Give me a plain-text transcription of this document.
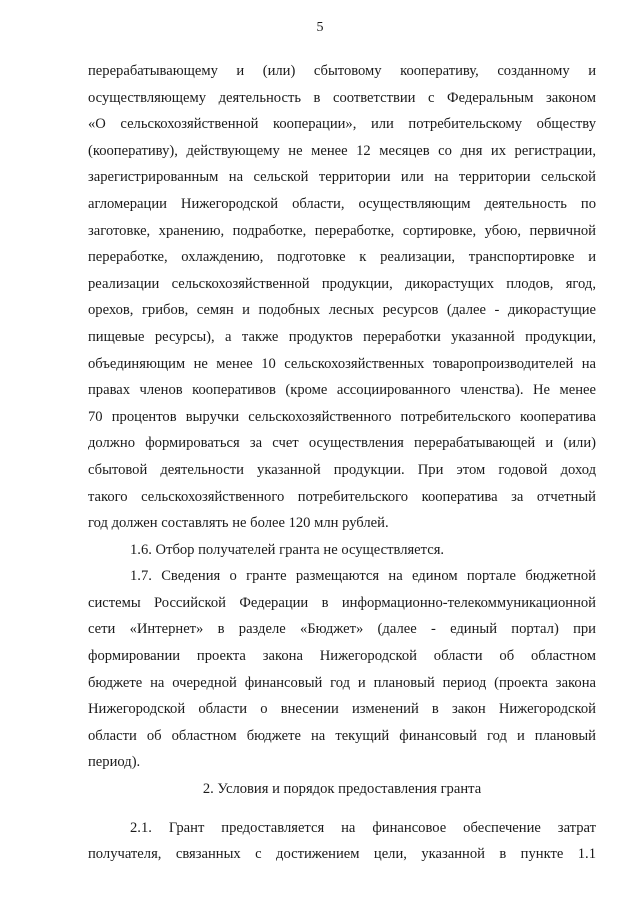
5
перерабатывающему и (или) сбытовому кооперативу, созданному и
осуществляющему деятельность в соответствии с Федеральным законом
«О сельскохозяйственной кооперации», или потребительскому обществу
(кооперативу), действующему не менее 12 месяцев со дня их регистрации,
зарегистрированным на сельской территории или на территории сельской
агломерации Нижегородской области, осуществляющим деятельность по
заготовке, хранению, подработке, переработке, сортировке, убою, первичной
переработке, охлаждению, подготовке к реализации, транспортировке и
реализации сельскохозяйственной продукции, дикорастущих плодов, ягод,
орехов, грибов, семян и подобных лесных ресурсов (далее - дикорастущие
пищевые ресурсы), а также продуктов переработки указанной продукции,
объединяющим не менее 10 сельскохозяйственных товаропроизводителей на
правах членов кооперативов (кроме ассоциированного членства). Не менее
70 процентов выручки сельскохозяйственного потребительского кооператива
должно формироваться за счет осуществления перерабатывающей и (или)
сбытовой деятельности указанной продукции. При этом годовой доход
такого сельскохозяйственного потребительского кооператива за отчетный
год должен составлять не более 120 млн рублей.
1.6. Отбор получателей гранта не осуществляется.
1.7. Сведения о гранте размещаются на едином портале бюджетной
системы Российской Федерации в информационно-телекоммуникационной
сети «Интернет» в разделе «Бюджет» (далее - единый портал) при
формировании проекта закона Нижегородской области об областном
бюджете на очередной финансовый год и плановый период (проекта закона
Нижегородской области о внесении изменений в закон Нижегородской
области об областном бюджете на текущий финансовый год и плановый
период).
2. Условия и порядок предоставления гранта
2.1. Грант предоставляется на финансовое обеспечение затрат
получателя, связанных с достижением цели, указанной в пункте 1.1
